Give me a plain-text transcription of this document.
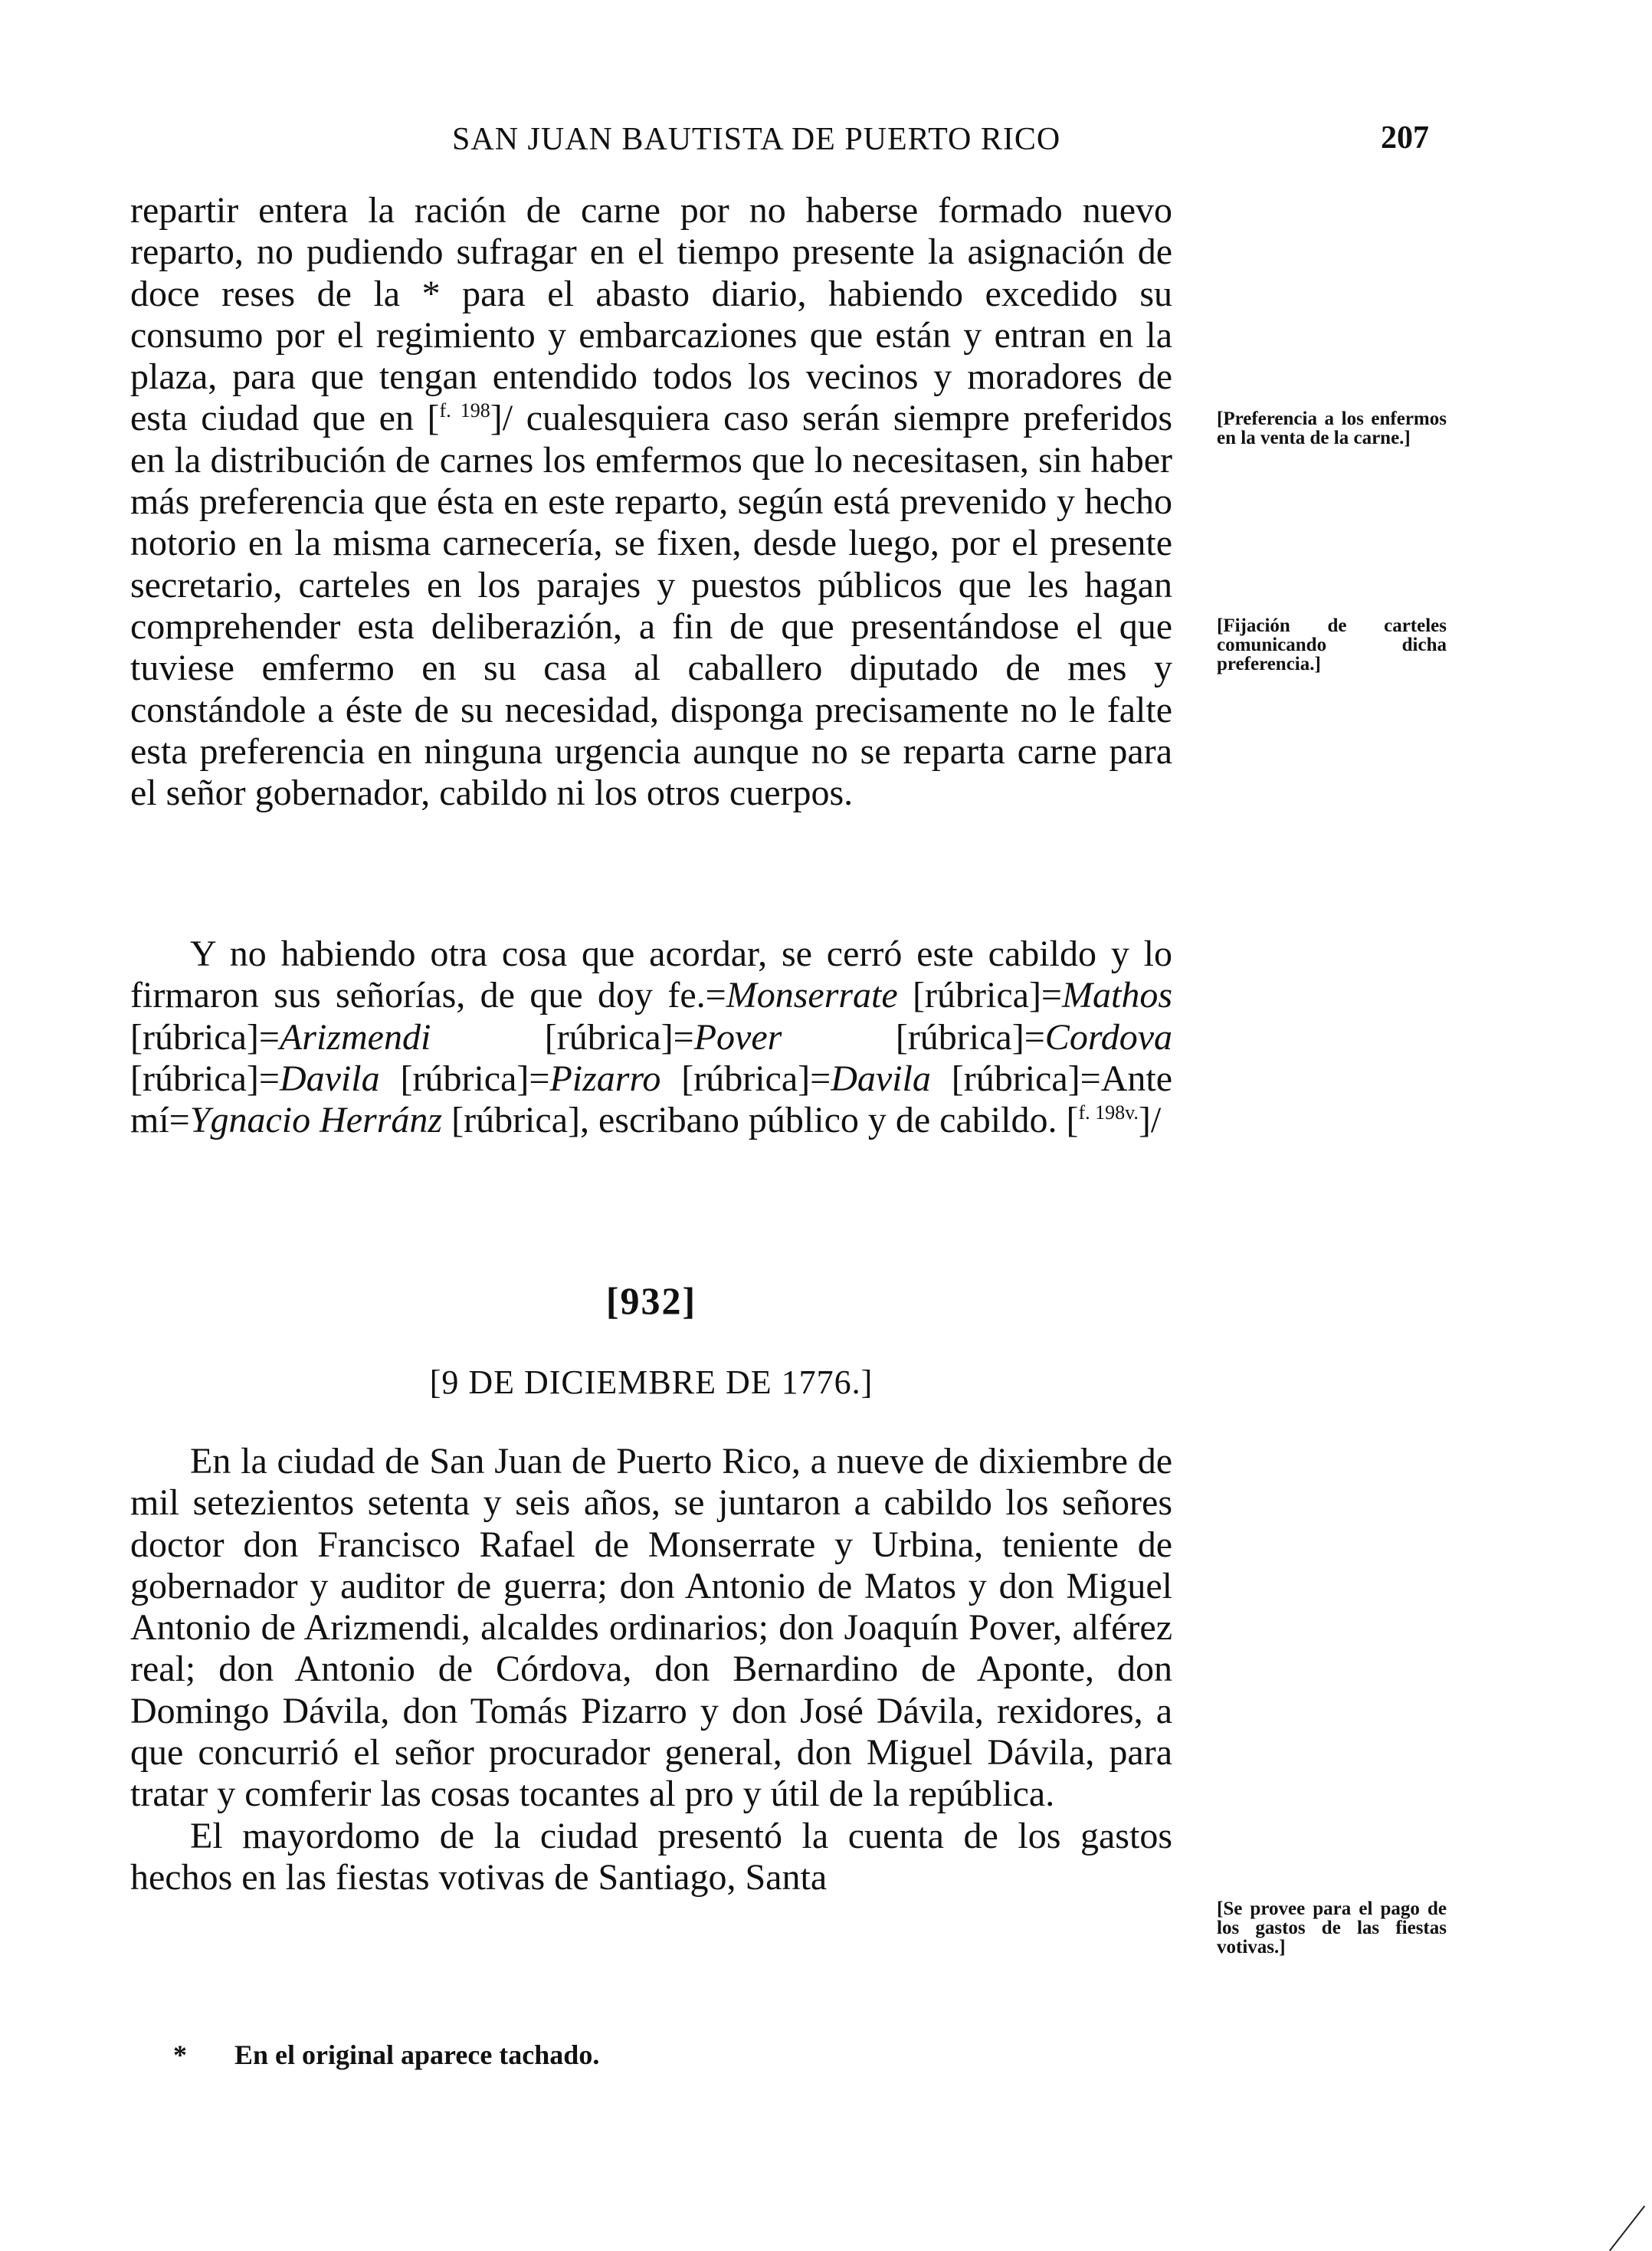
SAN JUAN BAUTISTA DE PUERTO RICO	207

repartir entera la ración de carne por no haberse formado nuevo reparto, no pudiendo sufragar en el tiempo presente la asignación de doce reses de la * para el abasto diario, habiendo excedido su consumo por el regimiento y embarcaziones que están y entran en la plaza, para que tengan entendido todos los vecinos y moradores de esta ciudad que en [$^{f. 198}$]/ cualesquiera caso serán siempre preferidos en la distribución de carnes los emfermos que lo necesitasen, sin haber más preferencia que ésta en este reparto, según está prevenido y hecho notorio en la misma carnecería, se fixen, desde luego, por el presente secretario, carteles en los parajes y puestos públicos que les hagan comprehender esta deliberazión, a fin de que presentándose el que tuviese emfermo en su casa al caballero diputado de mes y constándole a éste de su necesidad, disponga precisamente no le falte esta preferencia en ninguna urgencia aunque no se reparta carne para el señor gobernador, cabildo ni los otros cuerpos.

Y no habiendo otra cosa que acordar, se cerró este cabildo y lo firmaron sus señorías, de que doy fe.=Monserrate [rúbrica]=Mathos [rúbrica]=Arizmendi [rúbrica]=Pover [rúbrica]=Cordova [rúbrica]=Davila [rúbrica]=Pizarro [rúbrica]=Davila [rúbrica]=Ante mí=Ygnacio Herránz [rúbrica], escribano público y de cabildo. [$^{f. 198v.}$]/

[932]
[9 DE DICIEMBRE DE 1776.]

En la ciudad de San Juan de Puerto Rico, a nueve de dixiembre de mil setezientos setenta y seis años, se juntaron a cabildo los señores doctor don Francisco Rafael de Monserrate y Urbina, teniente de gobernador y auditor de guerra; don Antonio de Matos y don Miguel Antonio de Arizmendi, alcaldes ordinarios; don Joaquín Pover, alférez real; don Antonio de Córdova, don Bernardino de Aponte, don Domingo Dávila, don Tomás Pizarro y don José Dávila, rexidores, a que concurrió el señor procurador general, don Miguel Dávila, para tratar y comferir las cosas tocantes al pro y útil de la república.

El mayordomo de la ciudad presentó la cuenta de los gastos hechos en las fiestas votivas de Santiago, Santa

[Preferencia a los enfermos en la venta de la carne.]
[Fijación de carteles comunicando dicha preferencia.]
[Se provee para el pago de los gastos de las fiestas votivas.]
* En el original aparece tachado.
